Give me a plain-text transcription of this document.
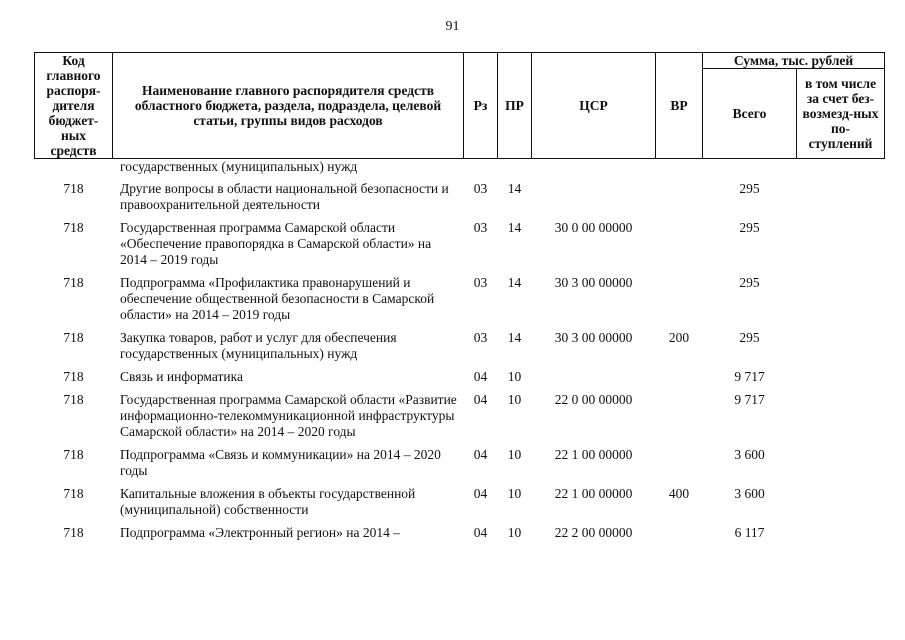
91
Код главного распоря-дителя бюджет-ных средств	Наименование главного распорядителя средств областного бюджета, раздела, подраздела, целевой статьи, группы видов расходов	Рз	ПР	ЦСР	ВР	Сумма, тыс. рублей	
						Всего	в том числе за счет без-возмезд-ных по-ступлений
	государственных (муниципальных) нужд						
718	Другие вопросы в области национальной безопасности и правоохранительной деятельности	03	14			295	
718	Государственная программа Самарской области «Обеспечение правопорядка в Самарской области» на 2014 – 2019 годы	03	14	30 0 00 00000		295	
718	Подпрограмма «Профилактика правонарушений и обеспечение общественной безопасности в Самарской области» на 2014 – 2019 годы	03	14	30 3 00 00000		295	
718	Закупка товаров, работ и услуг для обеспечения государственных (муниципальных) нужд	03	14	30 3 00 00000	200	295	
718	Связь и информатика	04	10			9 717	
718	Государственная программа Самарской области «Развитие информационно-телекоммуникационной инфраструктуры Самарской области» на 2014 – 2020 годы	04	10	22 0 00 00000		9 717	
718	Подпрограмма «Связь и коммуникации» на 2014 – 2020 годы	04	10	22 1 00 00000		3 600	
718	Капитальные вложения в объекты государственной (муниципальной) собственности	04	10	22 1 00 00000	400	3 600	
718	Подпрограмма «Электронный регион» на 2014 –	04	10	22 2 00 00000		6 117	
